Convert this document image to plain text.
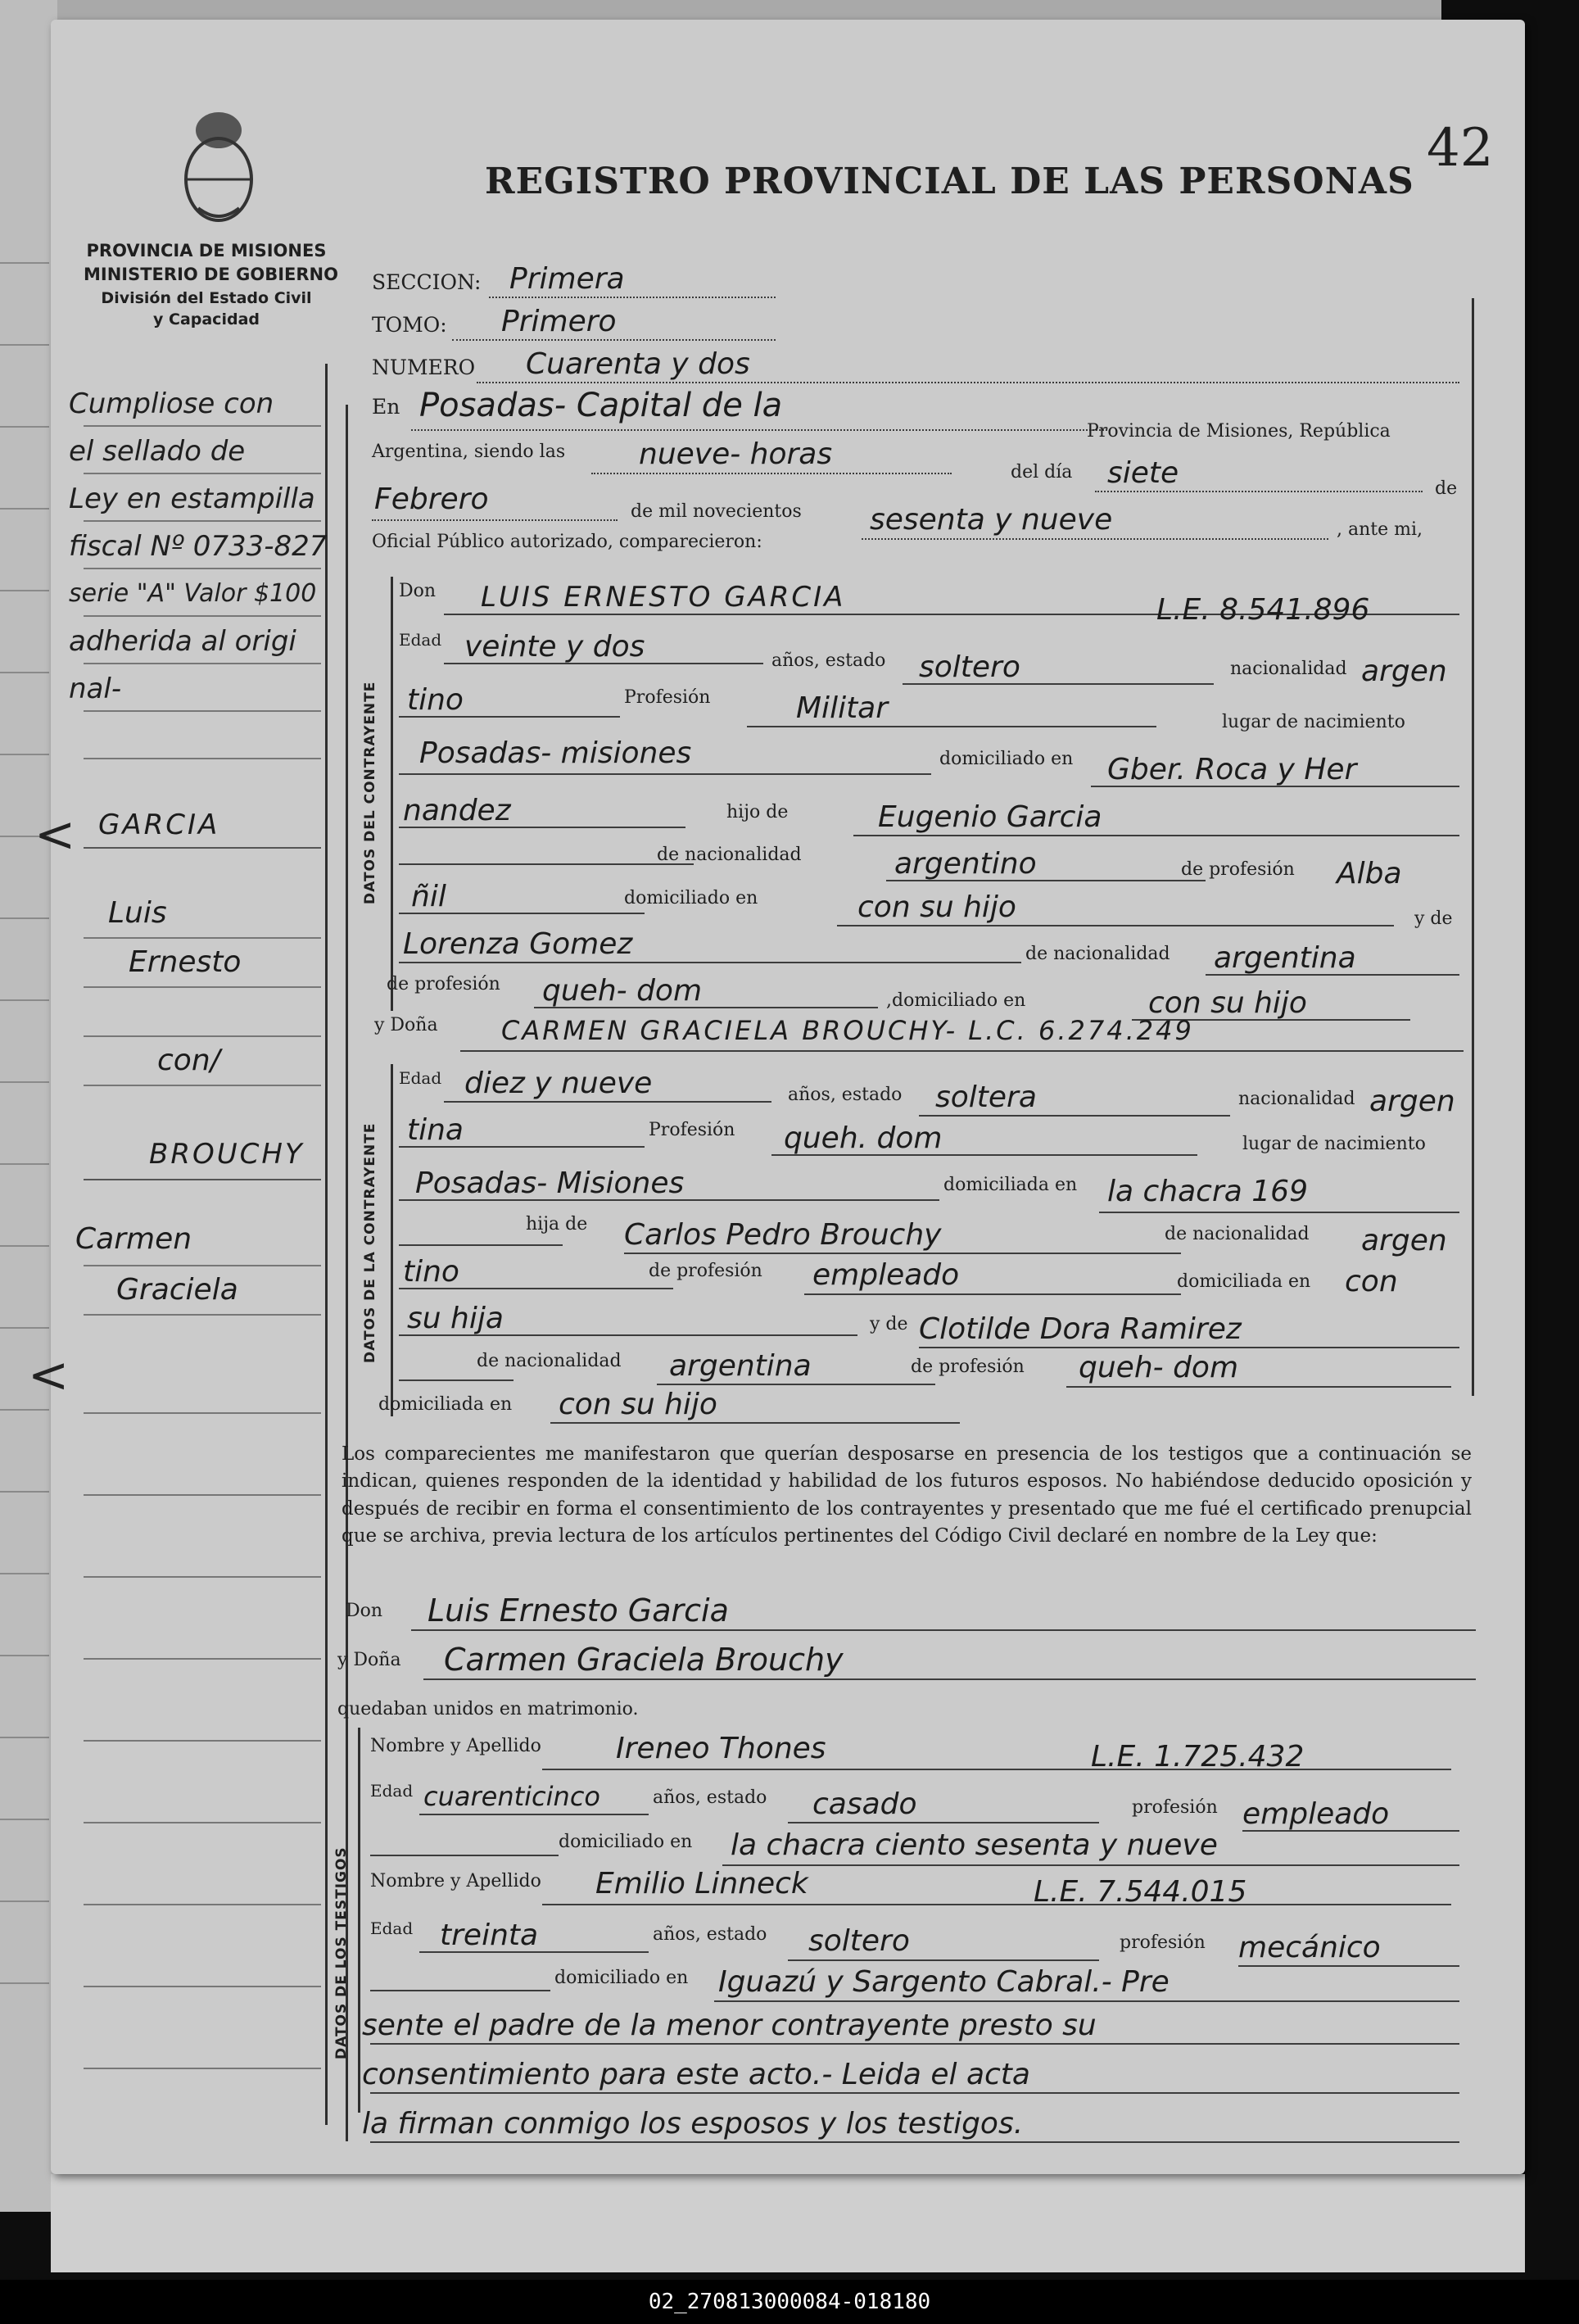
PROVINCIA DE MISIONES
MINISTERIO DE GOBIERNO
División del Estado Civil
y Capacidad
REGISTRO PROVINCIAL DE LAS PERSONAS
42
Cumpliose con
el sellado de
Ley en estampilla
fiscal Nº 0733-827
serie "A" Valor $100
adherida al origi
nal-
< GARCIA
Luis
Ernesto
con/
BROUCHY
Carmen
Graciela
<
SECCION: Primera
TOMO: Primero
NUMERO Cuarenta y dos
En Posadas- Capital de la
Provincia de Misiones, República
Argentina, siendo las nueve- horas
del día siete	de
Febrero	de mil novecientos sesenta y nueve	, ante mi,
Oficial Público autorizado, comparecieron:
DATOS DEL CONTRAYENTE
Don LUIS ERNESTO GARCIA	L.E. 8.541.896
Edad veinte y dos	años, estado soltero	nacionalidad argen
tino	Profesión	Militar	lugar de nacimiento
Posadas- misiones	domiciliado en Gber. Roca y Her
nandez	hijo de	Eugenio Garcia
de nacionalidad	argentino	de profesión Alba
ñil	domiciliado en	con su hijo	y de
Lorenza Gomez	de nacionalidad argentina
de profesión queh- dom	,domiciliado en	con su hijo
y Doña CARMEN GRACIELA BROUCHY- L.C. 6.274.249
DATOS DE LA CONTRAYENTE
Edad diez y nueve	años, estado soltera	nacionalidad argen
tina	Profesión queh. dom	lugar de nacimiento
Posadas- Misiones	domiciliada en la chacra 169
hija de Carlos Pedro Brouchy	de nacionalidad argen
tino	de profesión empleado	domiciliada en con
su hija	y de Clotilde Dora Ramirez
de nacionalidad argentina	de profesión queh- dom
domiciliada en con su hijo
Los comparecientes me manifestaron que querían desposarse en presencia de los testigos que a continuación se indican, quienes responden de la identidad y habilidad de los futuros esposos. No habiéndose deducido oposición y después de recibir en forma el consentimiento de los contrayentes y presentado que me fué el certificado prenupcial que se archiva, previa lectura de los artículos pertinentes del Código Civil declaré en nombre de la Ley que:
Don Luis Ernesto Garcia
y Doña Carmen Graciela Brouchy
quedaban unidos en matrimonio.
DATOS DE LOS TESTIGOS
Nombre y Apellido	Ireneo Thones	L.E. 1.725.432
Edad cuarenticinco	años, estado casado	profesión empleado
domiciliado en la chacra ciento sesenta y nueve
Nombre y Apellido Emilio Linneck	L.E. 7.544.015
Edad treinta	años, estado soltero	profesión mecánico
domiciliado en Iguazú y Sargento Cabral.- Pre
sente el padre de la menor contrayente presto su
consentimiento para este acto.- Leida el acta
la firman conmigo los esposos y los testigos.
02_270813000084-018180
